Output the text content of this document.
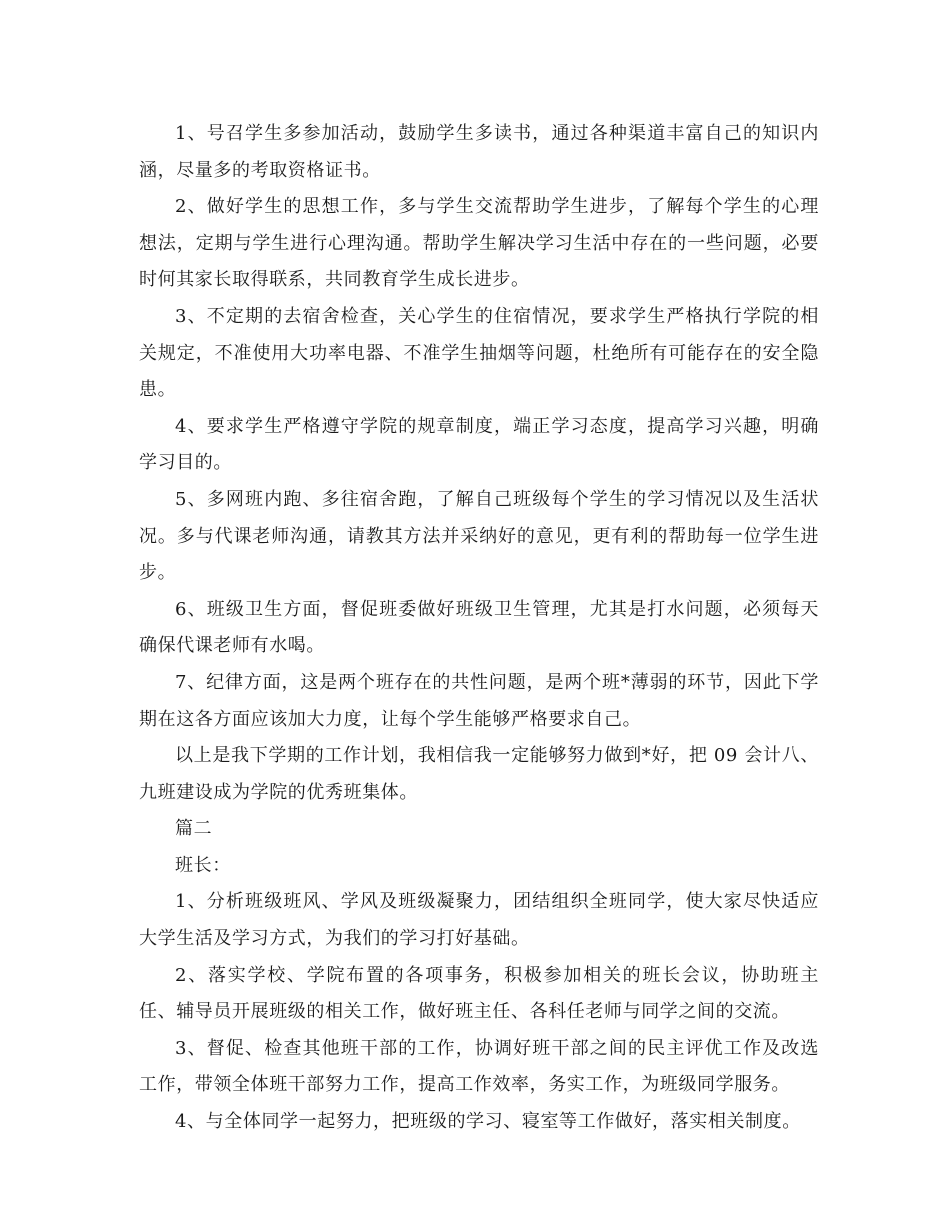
1、号召学生多参加活动，鼓励学生多读书，通过各种渠道丰富自己的知识内涵，尽量多的考取资格证书。

2、做好学生的思想工作，多与学生交流帮助学生进步，了解每个学生的心理想法，定期与学生进行心理沟通。帮助学生解决学习生活中存在的一些问题，必要时何其家长取得联系，共同教育学生成长进步。

3、不定期的去宿舍检查，关心学生的住宿情况，要求学生严格执行学院的相关规定，不准使用大功率电器、不准学生抽烟等问题，杜绝所有可能存在的安全隐患。

4、要求学生严格遵守学院的规章制度，端正学习态度，提高学习兴趣，明确学习目的。

5、多网班内跑、多往宿舍跑，了解自己班级每个学生的学习情况以及生活状况。多与代课老师沟通，请教其方法并采纳好的意见，更有利的帮助每一位学生进步。

6、班级卫生方面，督促班委做好班级卫生管理，尤其是打水问题，必须每天确保代课老师有水喝。

7、纪律方面，这是两个班存在的共性问题，是两个班*薄弱的环节，因此下学期在这各方面应该加大力度，让每个学生能够严格要求自己。

以上是我下学期的工作计划，我相信我一定能够努力做到*好，把 09 会计八、九班建设成为学院的优秀班集体。

篇二

班长：

1、分析班级班风、学风及班级凝聚力，团结组织全班同学，使大家尽快适应大学生活及学习方式，为我们的学习打好基础。

2、落实学校、学院布置的各项事务，积极参加相关的班长会议，协助班主任、辅导员开展班级的相关工作，做好班主任、各科任老师与同学之间的交流。

3、督促、检查其他班干部的工作，协调好班干部之间的民主评优工作及改选工作，带领全体班干部努力工作，提高工作效率，务实工作，为班级同学服务。

4、与全体同学一起努力，把班级的学习、寝室等工作做好，落实相关制度。
